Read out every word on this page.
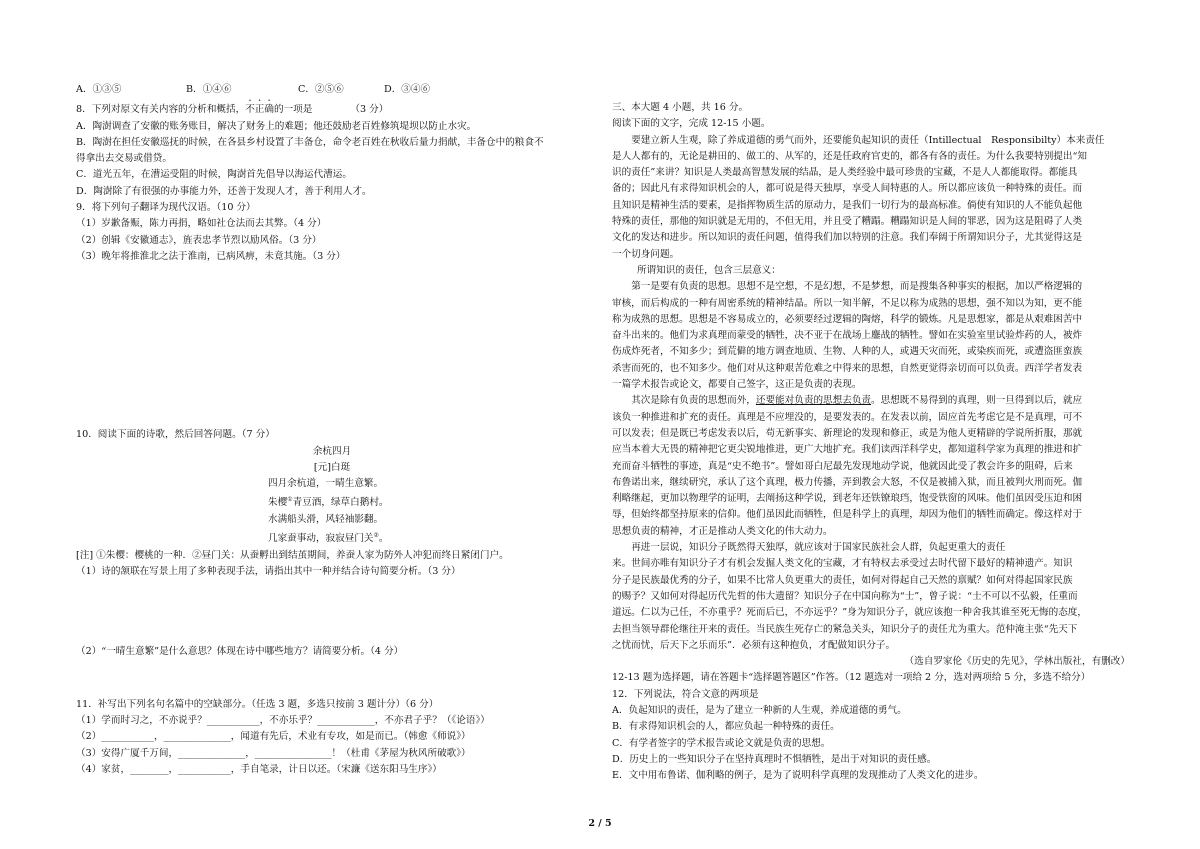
A．①③⑤	B．①④⑥	C．②⑤⑥	D．③④⑥
8．下列对原文有关内容的分析和概括，不正确的一项是	（3 分）
A．陶澍调查了安徽的账务账目，解决了财务上的难题；他还鼓励老百姓修筑堤坝以防止水灾。
B．陶澍在担任安徽巡抚的时候，在各县乡村设置了丰备仓，命令老百姓在秋收后量力捐献，丰备仓中的粮食不
得拿出去交易或借贷。
C．道光五年，在漕运受阻的时候，陶澍首先倡导以海运代漕运。
D．陶澍除了有很强的办事能力外，还善于发现人才，善于利用人才。
9．将下列句子翻译为现代汉语。（10 分）
（1）岁歉备赈，陈力再捐，略如社仓法而去其弊。（4 分）
（2）创辑《安徽通志》，旌表忠孝节烈以励风俗。（3 分）
（3）晚年将推淮北之法于淮南，已病风痹，未竟其施。（3 分）
10．阅读下面的诗歌，然后回答问题。（7 分）
余杭四月
[元]白珽
四月余杭道，一晴生意繁。
朱樱①青豆酒，绿草白鹅村。
水满船头滑，风轻袖影翻。
几家蚕事动，寂寂昼门关②。
[注] ①朱樱：樱桃的一种．②昼门关：从蚕孵出到结茧期间，养蚕人家为防外人冲犯而终日紧闭门户。
（1）诗的颔联在写景上用了多种表现手法，请指出其中一种并结合诗句简要分析。（3 分）
（2）“一晴生意繁”是什么意思？体现在诗中哪些地方？请简要分析。（4 分）
11．补写出下列名句名篇中的空缺部分。（任选 3 题，多选只按前 3 题计分）（6 分）
（1）学而时习之，不亦说乎？___________，不亦乐乎？____________，不亦君子乎？（《论语》）
（2）___________，______________，闻道有先后，术业有专攻，如是而已。（韩愈《师说》）
（3）安得广厦千万间，______________，________________！（杜甫《茅屋为秋风所破歌》）
（4）家贫，________，___________，手自笔录，计日以还。（宋濂《送东阳马生序》）
三、本大题 4 小题，共 16 分。
阅读下面的文字，完成 12-15 小题。
要建立新人生观，除了养成道德的勇气而外，还要能负起知识的责任（Intillectual　Responsibilty）本来责任
是人人都有的，无论是耕田的、做工的、从军的，还是任政府官吏的，都各有各的责任。为什么我要特别提出“知
识的责任”来讲？知识是人类最高智慧发展的结晶，是人类经验中最可珍贵的宝藏，不是人人都能取得。都能具
备的；因此凡有求得知识机会的人，都可说是得天独厚，享受人间特惠的人。所以都应该负一种特殊的责任。而
且知识是精神生活的要素，是指挥物质生活的原动力，是我们一切行为的最高标准。倘使有知识的人不能负起他
特殊的责任，那他的知识就是无用的，不但无用，并且受了糟蹋。糟蹋知识是人间的罪恶，因为这是阻碍了人类
文化的发达和进步。所以知识的责任问题，值得我们加以特别的注意。我们奉阔于所谓知识分子，尤其觉得这是
一个切身问题。
所谓知识的责任，包含三层意义：
第一是要有负责的思想。思想不是空想，不是幻想，不是梦想，而是搜集各种事实的根据，加以严格逻辑的
审核，而后构成的一种有周密系统的精神结晶。所以一知半解，不足以称为成熟的思想，强不知以为知，更不能
称为成熟的思想。思想是不容易成立的，必须要经过逻辑的陶熔，科学的锻炼。凡是思想家，都是从艰难困苦中
奋斗出来的。他们为求真理而蒙受的牺牲，决不亚于在战场上鏖战的牺牲。譬如在实验室里试验炸药的人，被炸
伤成炸死者，不知多少；到荒僻的地方调查地质、生物、人种的人，或遇天灾而死，或染疾而死，或遭盗匪蛮族
杀害而死的，也不知多少。他们对从这种艰苦危难之中得来的思想，自然更觉得亲切而可以负责。西洋学者发表
一篇学术报告或论文，都要自己签字，这正是负责的表现。
其次是除有负责的思想而外，还要能对负责的思想去负责。思想既不易得到的真理，则一旦得到以后，就应
该负一种推进和扩充的责任。真理是不应埋没的，是要发表的。在发表以前，固应首先考虑它是不是真理，可不
可以发表；但是既已考虑发表以后，苟无新事实、新理论的发现和修正，或是为他人更精辟的学说所折服，那就
应当本着大无畏的精神把它更尖锐地推进，更广大地扩充。我们读西洋科学史，都知道科学家为真理的推进和扩
充而奋斗牺牲的事迹，真是“史不绝书”。譬如哥白尼最先发现地动学说，他就因此受了教会许多的阻碍，后来
布鲁诺出来，继续研究，承认了这个真理，极力传播，弄到教会大怒，不仅是被捕入狱，而且被判火刑而死。伽
利略继起，更加以物理学的证明，去阐扬这种学说，到老年还铁镣琅珰，饱受铁窗的风味。他们虽因受压迫和困
辱，但始终都坚持原来的信仰。他们虽因此而牺牲，但是科学上的真理，却因为他们的牺牲而确定。像这样对于
思想负责的精神，才正是推动人类文化的伟大动力。
再进一层说，知识分子既然得天独厚，就应该对于国家民族社会人群，负起更重大的责任
来。世间亦唯有知识分子才有机会发掘人类文化的宝藏，才有特权去承受过去时代留下最好的精神遗产。知识
分子是民族最优秀的分子，如果不比常人负更重大的责任，如何对得起自己天然的禀赋？如何对得起国家民族
的赐予？又如何对得起历代先哲的伟大遗留？知识分子在中国向称为“士”，曾子说：“士不可以不弘毅，任重而
道远。仁以为己任，不亦重乎？死而后已，不亦远乎？”身为知识分子，就应该抱一种舍我其谁至死无悔的态度，
去担当领导群伦继往开来的责任。当民族生死存亡的紧急关头，知识分子的责任尤为重大。范仲淹主张“先天下
之忧而忧，后天下之乐而乐”．必须有这种抱负，才配做知识分子。
（选自罗家伦《历史的先见》，学林出版社，有删改）
12-13 题为选择题，请在答题卡“选择题答题区”作答。（12 题选对一项给 2 分，选对两项给 5 分，多选不给分）
12．下列说法，符合文意的两项是
A．负起知识的责任，是为了建立一种新的人生观，养成道德的勇气。
B．有求得知识机会的人，都应负起一种特殊的责任。
C．有学者签字的学术报告或论文就是负责的思想。
D．历史上的一些知识分子在坚持真理时不惧牺牲，是出于对知识的责任感。
E．文中用布鲁诺、伽利略的例子，是为了说明科学真理的发现推动了人类文化的进步。
2 / 5
